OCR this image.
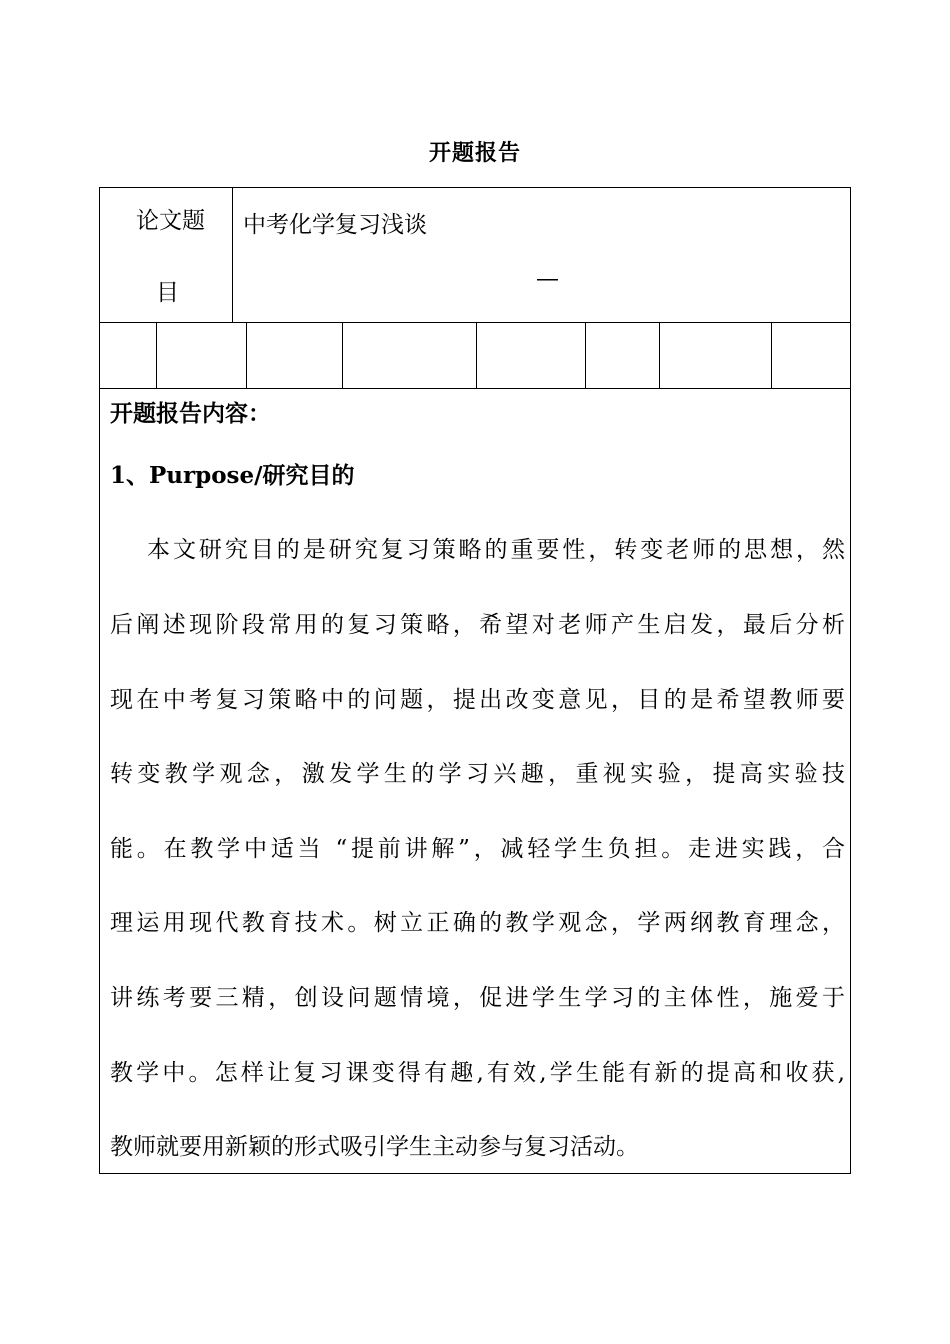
开题报告
论文题
目
中考化学复习浅谈
—
开题报告内容：
1、Purpose/研究目的
本文研究目的是研究复习策略的重要性，转变老师的思想，然
后阐述现阶段常用的复习策略，希望对老师产生启发，最后分析
现在中考复习策略中的问题，提出改变意见，目的是希望教师要
转变教学观念，激发学生的学习兴趣，重视实验，提高实验技
能。在教学中适当 “提前讲解”，减轻学生负担。走进实践，合
理运用现代教育技术。树立正确的教学观念，学两纲教育理念，
讲练考要三精，创设问题情境，促进学生学习的主体性，施爱于
教学中。怎样让复习课变得有趣,有效,学生能有新的提高和收获,
教师就要用新颖的形式吸引学生主动参与复习活动。
